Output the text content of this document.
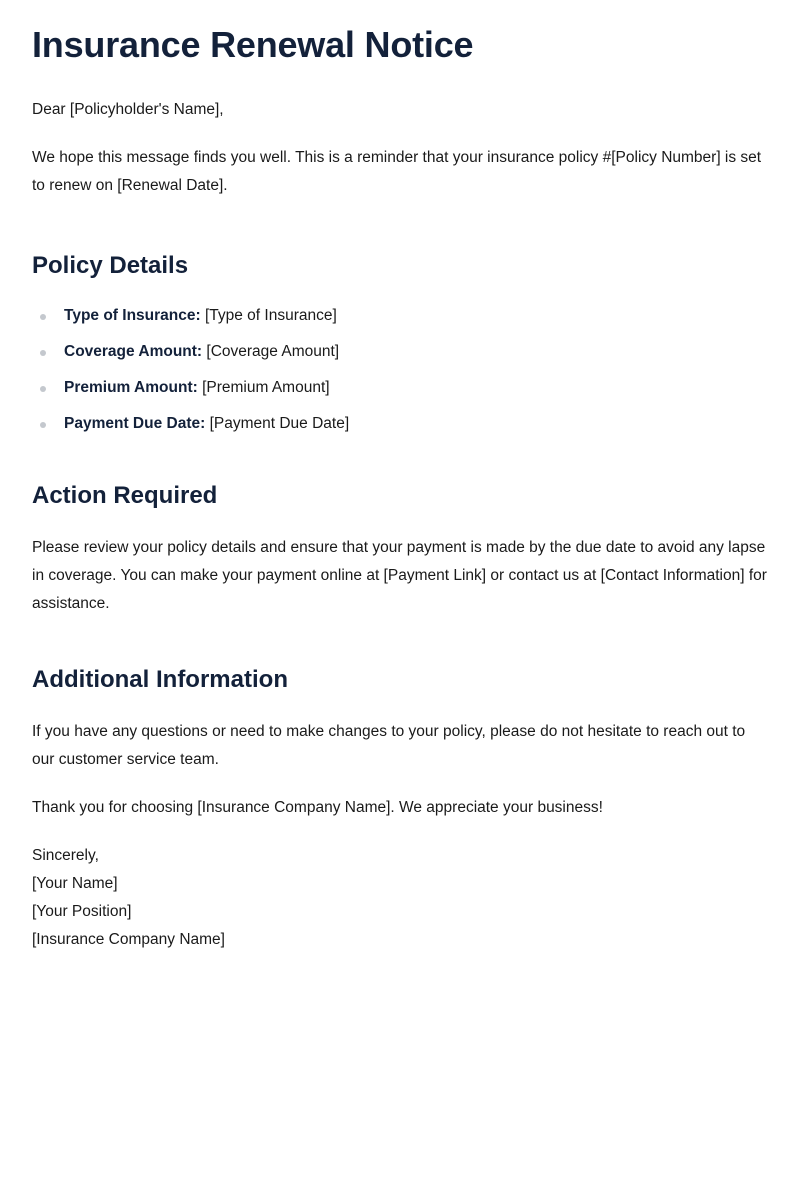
Insurance Renewal Notice

Dear [Policyholder's Name],

We hope this message finds you well. This is a reminder that your insurance policy #[Policy Number] is set to renew on [Renewal Date].

Policy Details
Type of Insurance: [Type of Insurance]
Coverage Amount: [Coverage Amount]
Premium Amount: [Premium Amount]
Payment Due Date: [Payment Due Date]
Action Required

Please review your policy details and ensure that your payment is made by the due date to avoid any lapse in coverage. You can make your payment online at [Payment Link] or contact us at [Contact Information] for assistance.

Additional Information

If you have any questions or need to make changes to your policy, please do not hesitate to reach out to our customer service team.

Thank you for choosing [Insurance Company Name]. We appreciate your business!

Sincerely,

[Your Name]

[Your Position]

[Insurance Company Name]
